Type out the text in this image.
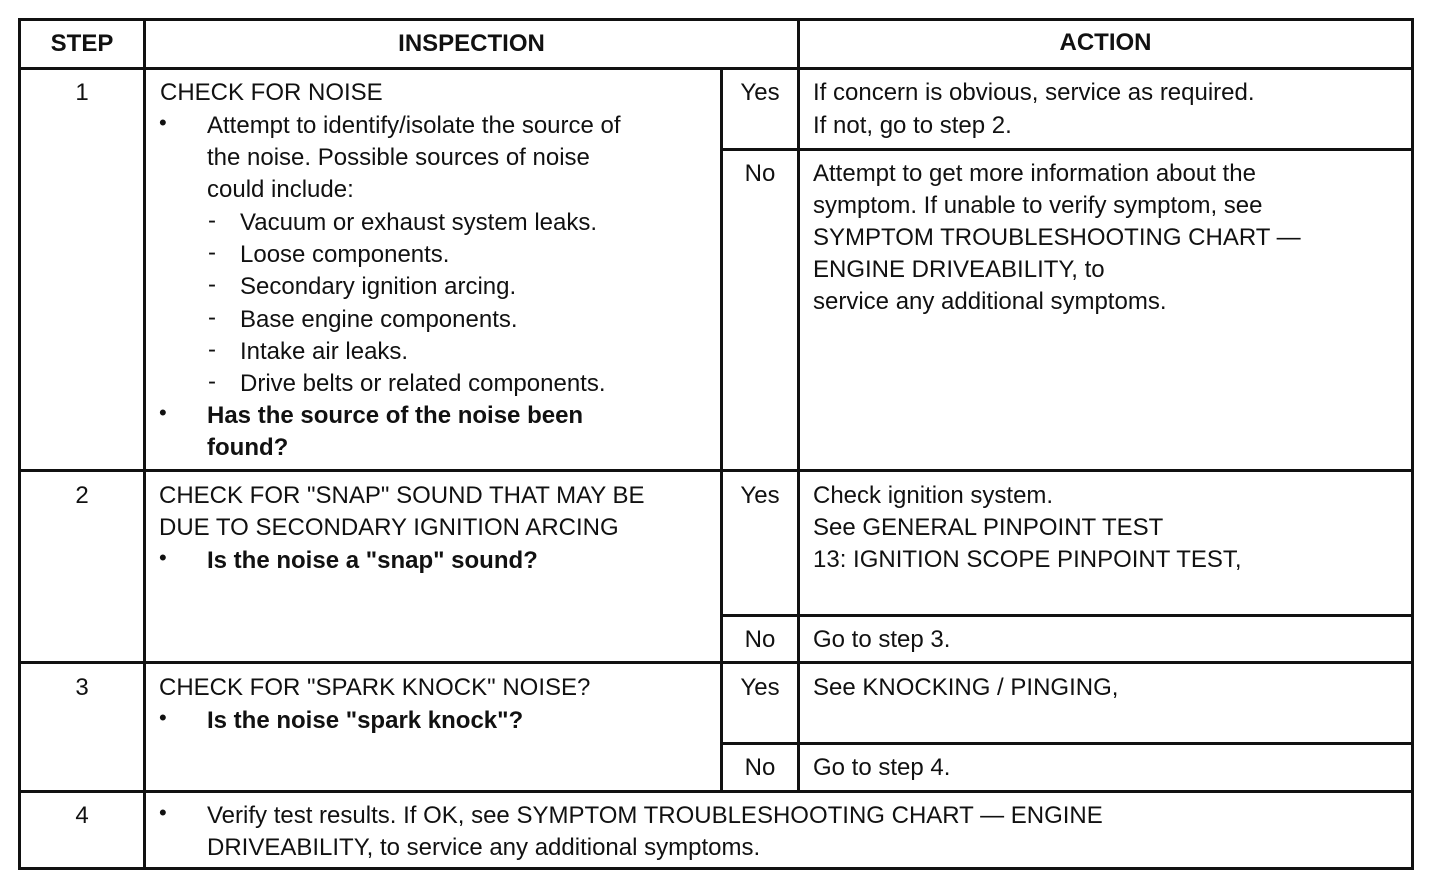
STEP	INSPECTION	ACTION
1	CHECK FOR NOISE
• Attempt to identify/isolate the source of
the noise. Possible sources of noise
could include:
- Vacuum or exhaust system leaks.
- Loose components.
- Secondary ignition arcing.
- Base engine components.
- Intake air leaks.
- Drive belts or related components.
• Has the source of the noise been
found?
Yes	If concern is obvious, service as required.
If not, go to step 2.
No	Attempt to get more information about the
symptom. If unable to verify symptom, see
SYMPTOM TROUBLESHOOTING CHART —
ENGINE DRIVEABILITY, to
service any additional symptoms.
2	CHECK FOR "SNAP" SOUND THAT MAY BE
DUE TO SECONDARY IGNITION ARCING
• Is the noise a "snap" sound?
Yes	Check ignition system.
See GENERAL PINPOINT TEST
13: IGNITION SCOPE PINPOINT TEST,
No	Go to step 3.
3	CHECK FOR "SPARK KNOCK" NOISE?
• Is the noise "spark knock"?
Yes	See KNOCKING / PINGING,
No	Go to step 4.
4	• Verify test results. If OK, see SYMPTOM TROUBLESHOOTING CHART — ENGINE
DRIVEABILITY, to service any additional symptoms.
